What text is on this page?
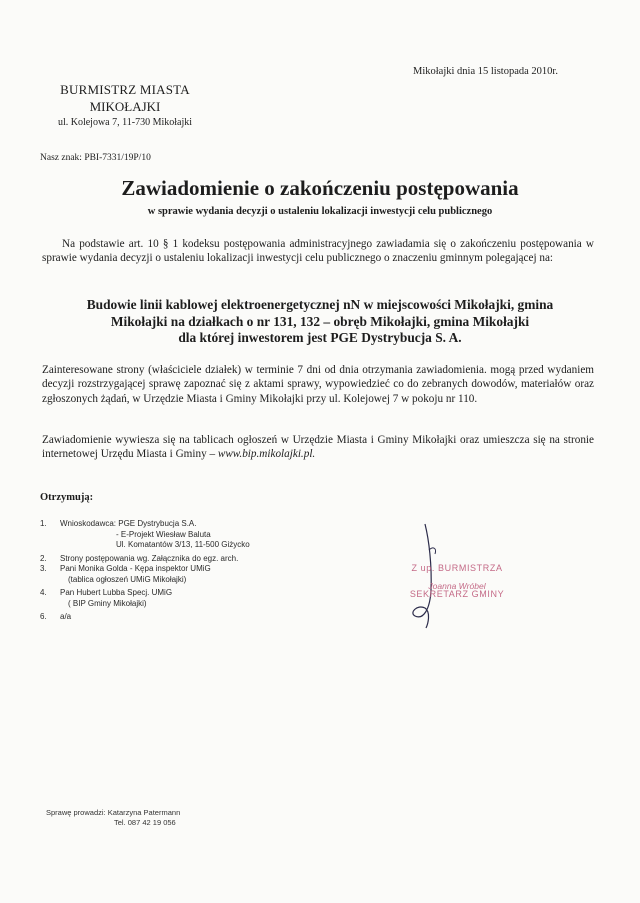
Mikołajki dnia 15 listopada 2010r.
BURMISTRZ MIASTA
MIKOŁAJKI
ul. Kolejowa 7, 11-730 Mikołajki
Nasz znak: PBI-7331/19P/10
Zawiadomienie o zakończeniu postępowania
w sprawie wydania decyzji o ustaleniu lokalizacji inwestycji celu publicznego
Na podstawie art. 10 § 1 kodeksu postępowania administracyjnego zawiadamia się o zakończeniu postępowania w sprawie wydania decyzji o ustaleniu lokalizacji inwestycji celu publicznego o znaczeniu gminnym polegającej na:
Budowie linii kablowej elektroenergetycznej nN w miejscowości Mikołajki, gmina
Mikołajki na działkach o nr 131, 132 – obręb Mikołajki, gmina Mikołajki
dla której inwestorem jest PGE Dystrybucja S. A.
Zainteresowane strony (właściciele działek) w terminie 7 dni od dnia otrzymania zawiadomienia. mogą przed wydaniem decyzji rozstrzygającej sprawę zapoznać się z aktami sprawy, wypowiedzieć co do zebranych dowodów, materiałów oraz zgłoszonych żądań, w Urzędzie Miasta i Gminy Mikołajki przy ul. Kolejowej 7 w pokoju nr 110.
Zawiadomienie wywiesza się na tablicach ogłoszeń w Urzędzie Miasta i Gminy Mikołajki oraz umieszcza się na stronie internetowej Urzędu Miasta i Gminy – www.bip.mikolajki.pl.
Otrzymują:
1. Wnioskodawca: PGE Dystrybucja S.A.
- E-Projekt Wiesław Baluta
Ul. Komatantów 3/13, 11-500 Giżycko
2. Strony postępowania wg. Załącznika do egz. arch.
3. Pani Monika Golda - Kępa inspektor UMiG
(tablica ogłoszeń UMiG Mikołajki)
4. Pan Hubert Lubba Specj. UMiG
( BIP Gminy Mikołajki)
6. a/a
Z up. BURMISTRZA
Joanna Wróbel
SEKRETARZ GMINY
Sprawę prowadzi: Katarzyna Patermann
Tel. 087 42 19 056
